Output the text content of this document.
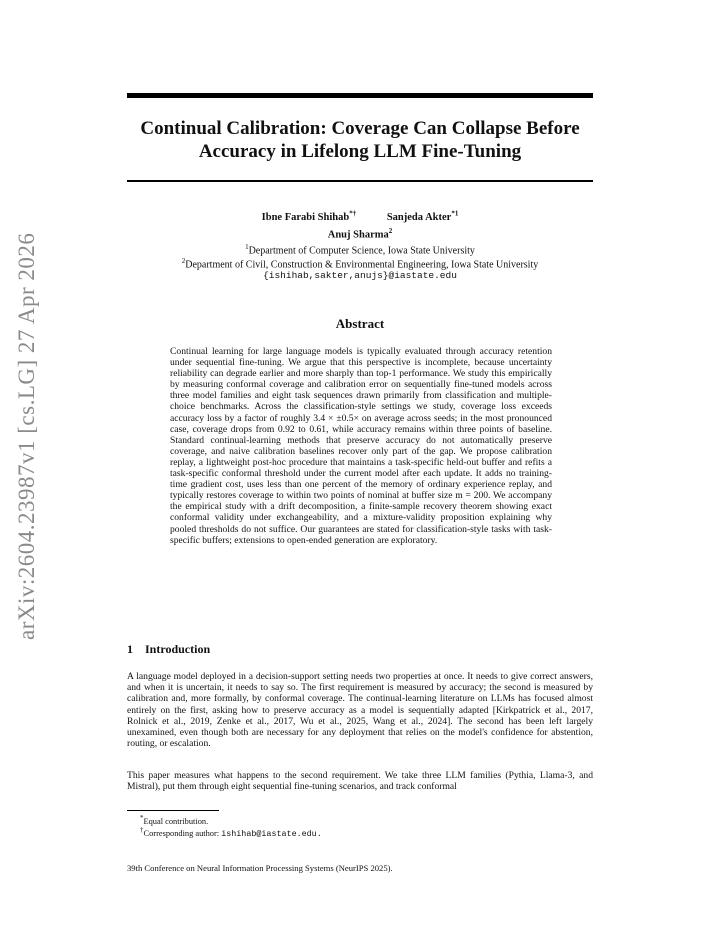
arXiv:2604.23987v1 [cs.LG] 27 Apr 2026
Continual Calibration: Coverage Can Collapse Before Accuracy in Lifelong LLM Fine-Tuning
Ibne Farabi Shihab*†	Sanjeda Akter$^{*1}$
Anuj Sharma$^2$
$^1$Department of Computer Science, Iowa State University
$^2$Department of Civil, Construction & Environmental Engineering, Iowa State University
{ishihab,sakter,anujs}@iastate.edu
Abstract
Continual learning for large language models is typically evaluated through accuracy retention under sequential fine-tuning. We argue that this perspective is incomplete, because uncertainty reliability can degrade earlier and more sharply than top-1 performance. We study this empirically by measuring conformal coverage and calibration error on sequentially fine-tuned models across three model families and eight task sequences drawn primarily from classification and multiple-choice benchmarks. Across the classification-style settings we study, coverage loss exceeds accuracy loss by a factor of roughly 3.4 × ±0.5× on average across seeds; in the most pronounced case, coverage drops from 0.92 to 0.61, while accuracy remains within three points of baseline. Standard continual-learning methods that preserve accuracy do not automatically preserve coverage, and naive calibration baselines recover only part of the gap. We propose calibration replay, a lightweight post-hoc procedure that maintains a task-specific held-out buffer and refits a task-specific conformal threshold under the current model after each update. It adds no training-time gradient cost, uses less than one percent of the memory of ordinary experience replay, and typically restores coverage to within two points of nominal at buffer size m = 200. We accompany the empirical study with a drift decomposition, a finite-sample recovery theorem showing exact conformal validity under exchangeability, and a mixture-validity proposition explaining why pooled thresholds do not suffice. Our guarantees are stated for classification-style tasks with task-specific buffers; extensions to open-ended generation are exploratory.
1 Introduction
A language model deployed in a decision-support setting needs two properties at once. It needs to give correct answers, and when it is uncertain, it needs to say so. The first requirement is measured by accuracy; the second is measured by calibration and, more formally, by conformal coverage. The continual-learning literature on LLMs has focused almost entirely on the first, asking how to preserve accuracy as a model is sequentially adapted [Kirkpatrick et al., 2017, Rolnick et al., 2019, Zenke et al., 2017, Wu et al., 2025, Wang et al., 2024]. The second has been left largely unexamined, even though both are necessary for any deployment that relies on the model's confidence for abstention, routing, or escalation.
This paper measures what happens to the second requirement. We take three LLM families (Pythia, Llama-3, and Mistral), put them through eight sequential fine-tuning scenarios, and track conformal
*Equal contribution.
†Corresponding author: ishihab@iastate.edu.
39th Conference on Neural Information Processing Systems (NeurIPS 2025).
